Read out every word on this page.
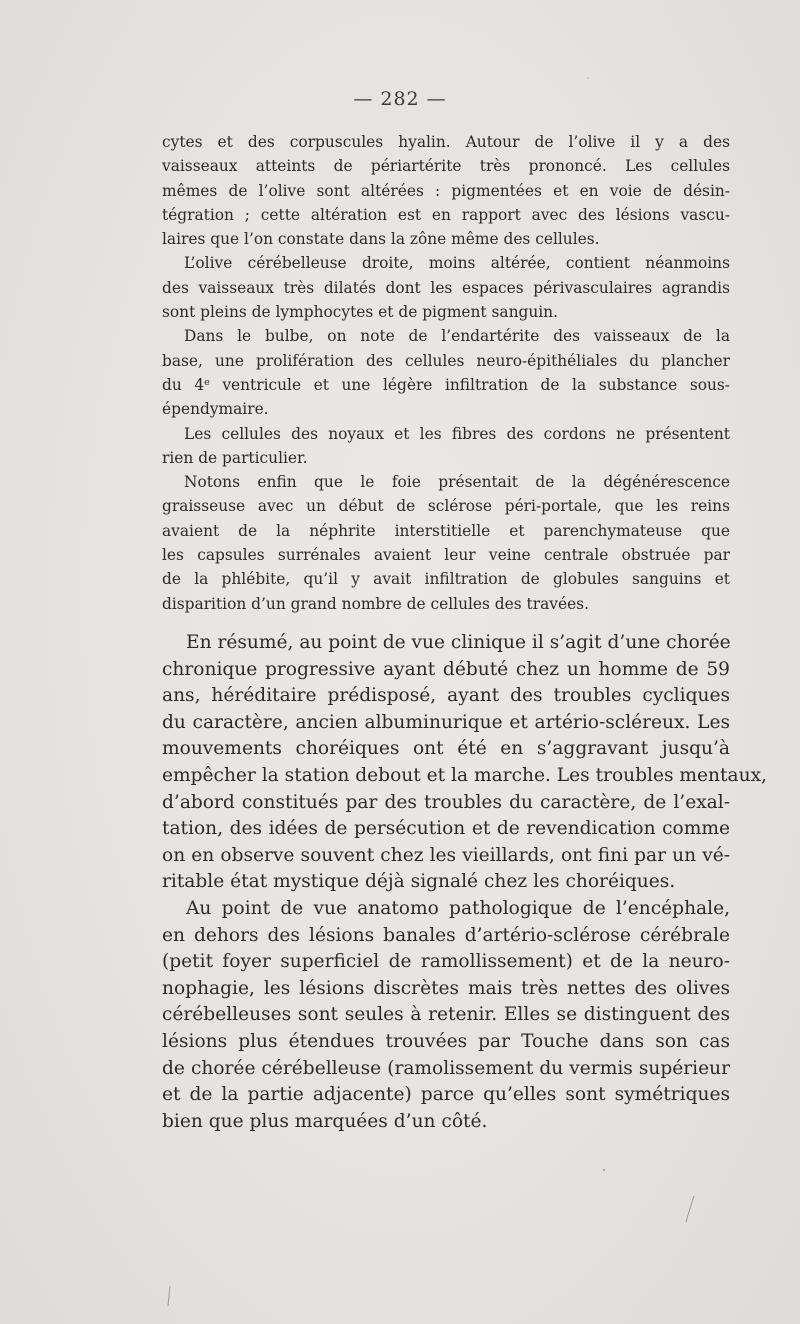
— 282 —
cytes et des corpuscules hyalin. Autour de l’olive il y a des
vaisseaux atteints de périartérite très prononcé. Les cellules
mêmes de l’olive sont altérées : pigmentées et en voie de désin-
tégration ; cette altération est en rapport avec des lésions vascu-
laires que l’on constate dans la zône même des cellules.
L’olive cérébelleuse droite, moins altérée, contient néanmoins
des vaisseaux très dilatés dont les espaces périvasculaires agrandis
sont pleins de lymphocytes et de pigment sanguin.
Dans le bulbe, on note de l’endartérite des vaisseaux de la
base, une prolifération des cellules neuro-épithéliales du plancher
du 4e ventricule et une légère infiltration de la substance sous-
épendymaire.
Les cellules des noyaux et les fibres des cordons ne présentent
rien de particulier.
Notons enfin que le foie présentait de la dégénérescence
graisseuse avec un début de sclérose péri-portale, que les reins
avaient de la néphrite interstitielle et parenchymateuse que
les capsules surrénales avaient leur veine centrale obstruée par
de la phlébite, qu’il y avait infiltration de globules sanguins et
disparition d’un grand nombre de cellules des travées.
En résumé, au point de vue clinique il s’agit d’une chorée
chronique progressive ayant débuté chez un homme de 59
ans, héréditaire prédisposé, ayant des troubles cycliques
du caractère, ancien albuminurique et artério-scléreux. Les
mouvements choréiques ont été en s’aggravant jusqu’à
empêcher la station debout et la marche. Les troubles mentaux,
d’abord constitués par des troubles du caractère, de l’exal-
tation, des idées de persécution et de revendication comme
on en observe souvent chez les vieillards, ont fini par un vé-
ritable état mystique déjà signalé chez les choréiques.
Au point de vue anatomo pathologique de l’encéphale,
en dehors des lésions banales d’artério-sclérose cérébrale
(petit foyer superficiel de ramollissement) et de la neuro-
nophagie, les lésions discrètes mais très nettes des olives
cérébelleuses sont seules à retenir. Elles se distinguent des
lésions plus étendues trouvées par Touche dans son cas
de chorée cérébelleuse (ramolissement du vermis supérieur
et de la partie adjacente) parce qu’elles sont symétriques
bien que plus marquées d’un côté.
